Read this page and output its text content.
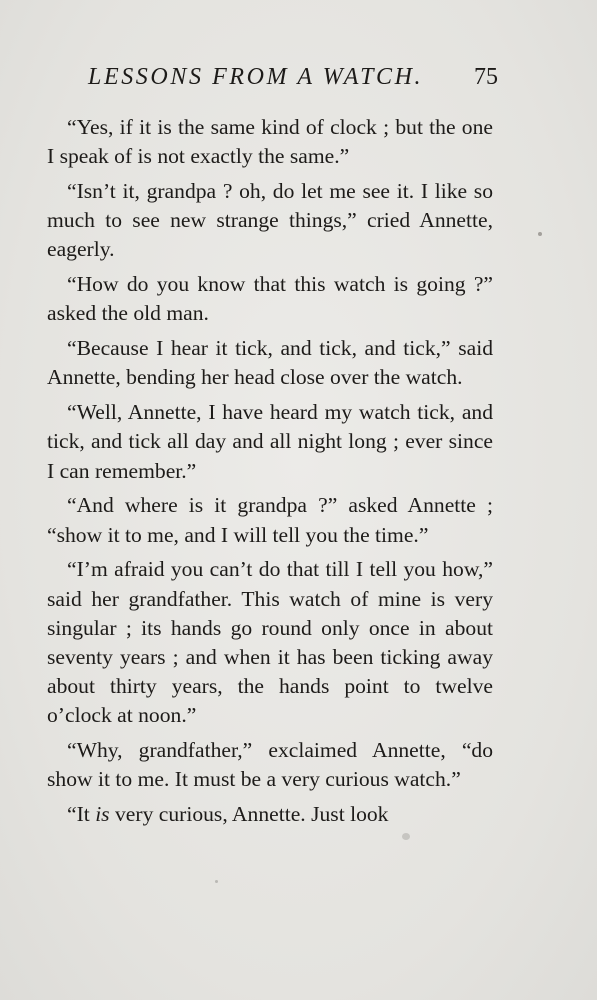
LESSONS FROM A WATCH. 75

“Yes, if it is the same kind of clock ; but the one I speak of is not exactly the same.”

“Isn’t it, grandpa ? oh, do let me see it. I like so much to see new strange things,” cried Annette, eagerly.

“How do you know that this watch is going ?” asked the old man.

“Because I hear it tick, and tick, and tick,” said Annette, bending her head close over the watch.

“Well, Annette, I have heard my watch tick, and tick, and tick all day and all night long ; ever since I can remember.”

“And where is it grandpa ?” asked Annette ; “show it to me, and I will tell you the time.”

“I’m afraid you can’t do that till I tell you how,” said her grandfather. This watch of mine is very singular ; its hands go round only once in about seventy years ; and when it has been ticking away about thirty years, the hands point to twelve o’clock at noon.”

“Why, grandfather,” exclaimed Annette, “do show it to me. It must be a very curious watch.”

“It is very curious, Annette. Just look
